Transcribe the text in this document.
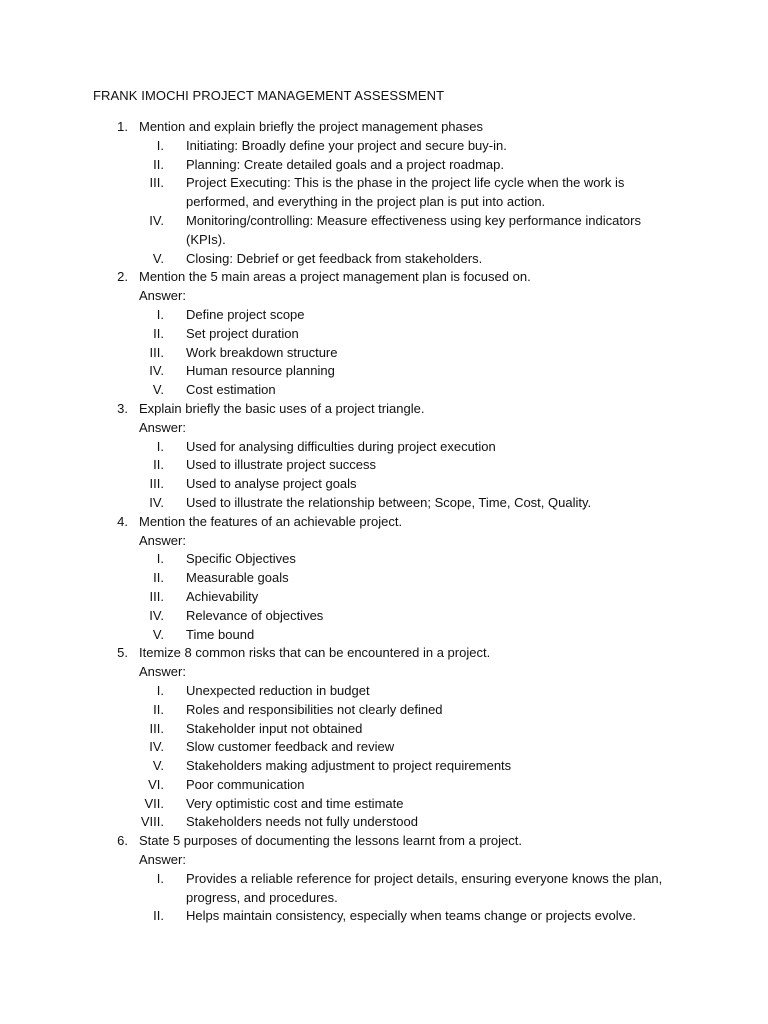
FRANK IMOCHI PROJECT MANAGEMENT ASSESSMENT
1. Mention and explain briefly the project management phases
I. Initiating: Broadly define your project and secure buy-in.
II. Planning: Create detailed goals and a project roadmap.
III. Project Executing: This is the phase in the project life cycle when the work is performed, and everything in the project plan is put into action.
IV. Monitoring/controlling: Measure effectiveness using key performance indicators (KPIs).
V. Closing: Debrief or get feedback from stakeholders.
2. Mention the 5 main areas a project management plan is focused on.
Answer:
I. Define project scope
II. Set project duration
III. Work breakdown structure
IV. Human resource planning
V. Cost estimation
3. Explain briefly the basic uses of a project triangle.
Answer:
I. Used for analysing difficulties during project execution
II. Used to illustrate project success
III. Used to analyse project goals
IV. Used to illustrate the relationship between; Scope, Time, Cost, Quality.
4. Mention the features of an achievable project.
Answer:
I. Specific Objectives
II. Measurable goals
III. Achievability
IV. Relevance of objectives
V. Time bound
5. Itemize 8 common risks that can be encountered in a project.
Answer:
I. Unexpected reduction in budget
II. Roles and responsibilities not clearly defined
III. Stakeholder input not obtained
IV. Slow customer feedback and review
V. Stakeholders making adjustment to project requirements
VI. Poor communication
VII. Very optimistic cost and time estimate
VIII. Stakeholders needs not fully understood
6. State 5 purposes of documenting the lessons learnt from a project.
Answer:
I. Provides a reliable reference for project details, ensuring everyone knows the plan, progress, and procedures.
II. Helps maintain consistency, especially when teams change or projects evolve.
